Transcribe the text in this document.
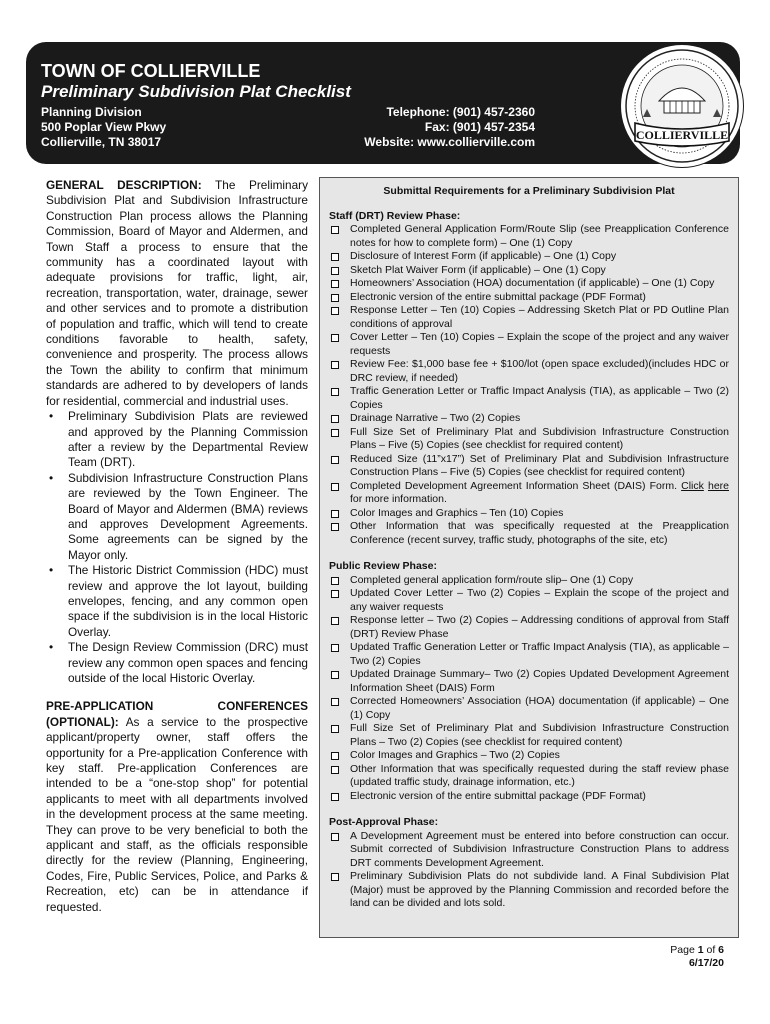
TOWN OF COLLIERVILLE
Preliminary Subdivision Plat Checklist
Planning Division
500 Poplar View Pkwy
Collierville, TN 38017
Telephone: (901) 457-2360
Fax: (901) 457-2354
Website: www.collierville.com	COLLIERVILLE

GENERAL DESCRIPTION: The Preliminary Subdivision Plat and Subdivision Infrastructure Construction Plan process allows the Planning Commission, Board of Mayor and Aldermen, and Town Staff a process to ensure that the community has a coordinated layout with adequate provisions for traffic, light, air, recreation, transportation, water, drainage, sewer and other services and to promote a distribution of population and traffic, which will tend to create conditions favorable to health, safety, convenience and prosperity. The process allows the Town the ability to confirm that minimum standards are adhered to by developers of lands for residential, commercial and industrial uses.

• Preliminary Subdivision Plats are reviewed and approved by the Planning Commission after a review by the Departmental Review Team (DRT).
• Subdivision Infrastructure Construction Plans are reviewed by the Town Engineer. The Board of Mayor and Aldermen (BMA) reviews and approves Development Agreements. Some agreements can be signed by the Mayor only.
• The Historic District Commission (HDC) must review and approve the lot layout, building envelopes, fencing, and any common open space if the subdivision is in the local Historic Overlay.
• The Design Review Commission (DRC) must review any common open spaces and fencing outside of the local Historic Overlay.

PRE-APPLICATION CONFERENCES (OPTIONAL): As a service to the prospective applicant/property owner, staff offers the opportunity for a Pre-application Conference with key staff. Pre-application Conferences are intended to be a “one-stop shop” for potential applicants to meet with all departments involved in the development process at the same meeting. They can prove to be very beneficial to both the applicant and staff, as the officials responsible directly for the review (Planning, Engineering, Codes, Fire, Public Services, Police, and Parks & Recreation, etc) can be in attendance if requested.

Submittal Requirements for a Preliminary Subdivision Plat
Staff (DRT) Review Phase:
Completed General Application Form/Route Slip (see Preapplication Conference notes for how to complete form) – One (1) Copy
Disclosure of Interest Form (if applicable) – One (1) Copy
Sketch Plat Waiver Form (if applicable) – One (1) Copy
Homeowners’ Association (HOA) documentation (if applicable) – One (1) Copy
Electronic version of the entire submittal package (PDF Format)
Response Letter – Ten (10) Copies – Addressing Sketch Plat or PD Outline Plan conditions of approval
Cover Letter – Ten (10) Copies – Explain the scope of the project and any waiver requests
Review Fee: $1,000 base fee + $100/lot (open space excluded)(includes HDC or DRC review, if needed)
Traffic Generation Letter or Traffic Impact Analysis (TIA), as applicable – Two (2) Copies
Drainage Narrative – Two (2) Copies
Full Size Set of Preliminary Plat and Subdivision Infrastructure Construction Plans – Five (5) Copies (see checklist for required content)
Reduced Size (11”x17”) Set of Preliminary Plat and Subdivision Infrastructure Construction Plans – Five (5) Copies (see checklist for required content)
Completed Development Agreement Information Sheet (DAIS) Form. Click here for more information.
Color Images and Graphics – Ten (10) Copies
Other Information that was specifically requested at the Preapplication Conference (recent survey, traffic study, photographs of the site, etc)
Public Review Phase:
Completed general application form/route slip– One (1) Copy
Updated Cover Letter – Two (2) Copies – Explain the scope of the project and any waiver requests
Response letter – Two (2) Copies – Addressing conditions of approval from Staff (DRT) Review Phase
Updated Traffic Generation Letter or Traffic Impact Analysis (TIA), as applicable – Two (2) Copies
Updated Drainage Summary– Two (2) Copies Updated Development Agreement Information Sheet (DAIS) Form
Corrected Homeowners’ Association (HOA) documentation (if applicable) – One (1) Copy
Full Size Set of Preliminary Plat and Subdivision Infrastructure Construction Plans – Two (2) Copies (see checklist for required content)
Color Images and Graphics – Two (2) Copies
Other Information that was specifically requested during the staff review phase (updated traffic study, drainage information, etc.)
Electronic version of the entire submittal package (PDF Format)
Post-Approval Phase:
A Development Agreement must be entered into before construction can occur. Submit corrected of Subdivision Infrastructure Construction Plans to address DRT comments Development Agreement.
Preliminary Subdivision Plats do not subdivide land. A Final Subdivision Plat (Major) must be approved by the Planning Commission and recorded before the land can be divided and lots sold.
Page 1 of 6
6/17/20
